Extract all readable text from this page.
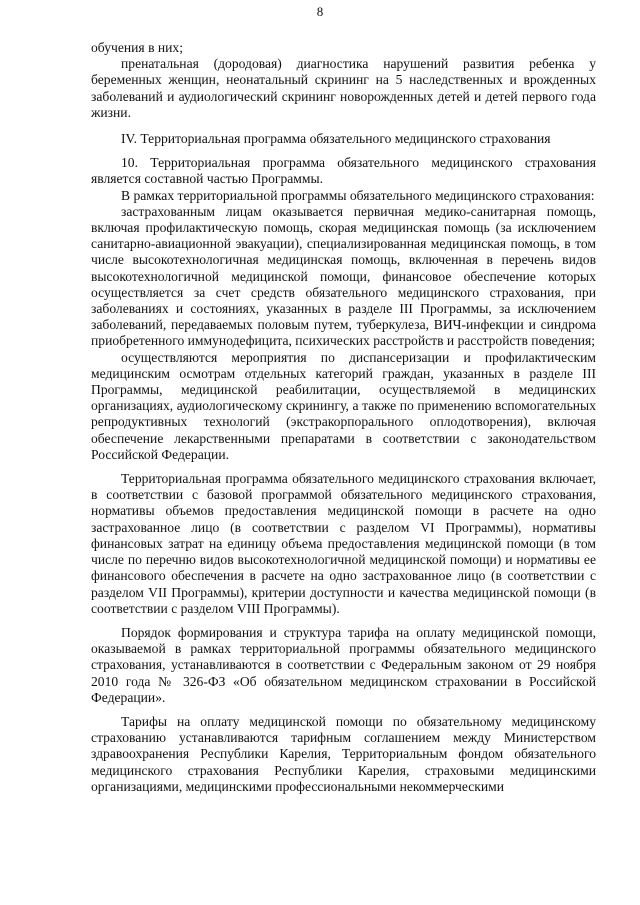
8

обучения в них;

пренатальная (дородовая) диагностика нарушений развития ребенка у беременных женщин, неонатальный скрининг на 5 наследственных и врожденных заболеваний и аудиологический скрининг новорожденных детей и детей первого года жизни.

IV. Территориальная программа обязательного медицинского страхования

10. Территориальная программа обязательного медицинского страхования является составной частью Программы.

В рамках территориальной программы обязательного медицинского страхования:

застрахованным лицам оказывается первичная медико-санитарная помощь, включая профилактическую помощь, скорая медицинская помощь (за исключением санитарно-авиационной эвакуации), специализированная медицинская помощь, в том числе высокотехнологичная медицинская помощь, включенная в перечень видов высокотехнологичной медицинской помощи, финансовое обеспечение которых осуществляется за счет средств обязательного медицинского страхования, при заболеваниях и состояниях, указанных в разделе III Программы, за исключением заболеваний, передаваемых половым путем, туберкулеза, ВИЧ-инфекции и синдрома приобретенного иммунодефицита, психических расстройств и расстройств поведения;

осуществляются мероприятия по диспансеризации и профилактическим медицинским осмотрам отдельных категорий граждан, указанных в разделе III Программы, медицинской реабилитации, осуществляемой в медицинских организациях, аудиологическому скринингу, а также по применению вспомогательных репродуктивных технологий (экстракорпорального оплодотворения), включая обеспечение лекарственными препаратами в соответствии с законодательством Российской Федерации.

Территориальная программа обязательного медицинского страхования включает, в соответствии с базовой программой обязательного медицинского страхования, нормативы объемов предоставления медицинской помощи в расчете на одно застрахованное лицо (в соответствии с разделом VI Программы), нормативы финансовых затрат на единицу объема предоставления медицинской помощи (в том числе по перечню видов высокотехнологичной медицинской помощи) и нормативы ее финансового обеспечения в расчете на одно застрахованное лицо (в соответствии с разделом VII Программы), критерии доступности и качества медицинской помощи (в соответствии с разделом VIII Программы).

Порядок формирования и структура тарифа на оплату медицинской помощи, оказываемой в рамках территориальной программы обязательного медицинского страхования, устанавливаются в соответствии с Федеральным законом от 29 ноября 2010 года № 326-ФЗ «Об обязательном медицинском страховании в Российской Федерации».

Тарифы на оплату медицинской помощи по обязательному медицинскому страхованию устанавливаются тарифным соглашением между Министерством здравоохранения Республики Карелия, Территориальным фондом обязательного медицинского страхования Республики Карелия, страховыми медицинскими организациями, медицинскими профессиональными некоммерческими
